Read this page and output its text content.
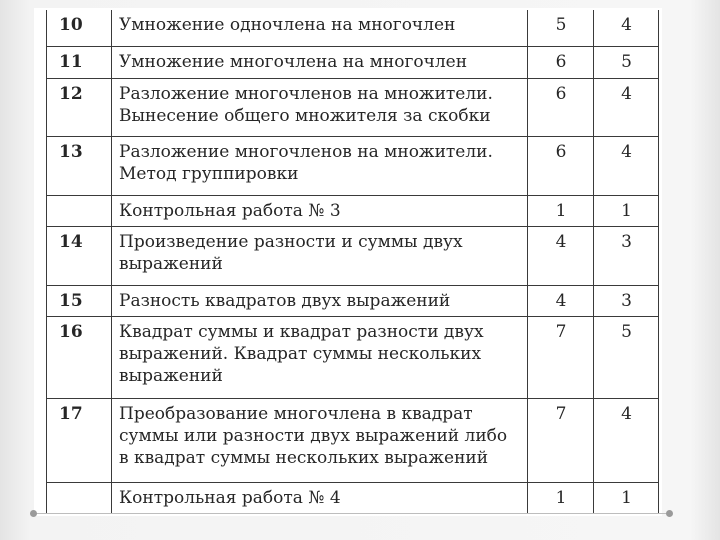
10	Умножение одночлена на многочлен	5	4
11	Умножение многочлена на многочлен	6	5
12	Разложение многочленов на множители.
Вынесение общего множителя за скобки	6	4
13	Разложение многочленов на множители.
Метод группировки	6	4
	Контрольная работа № 3	1	1
14	Произведение разности и суммы двух
выражений	4	3
15	Разность квадратов двух выражений	4	3
16	Квадрат суммы и квадрат разности двух
выражений. Квадрат суммы нескольких
выражений	7	5
17	Преобразование многочлена в квадрат
суммы или разности двух выражений либо
в квадрат суммы нескольких выражений	7	4
	Контрольная работа № 4	1	1
